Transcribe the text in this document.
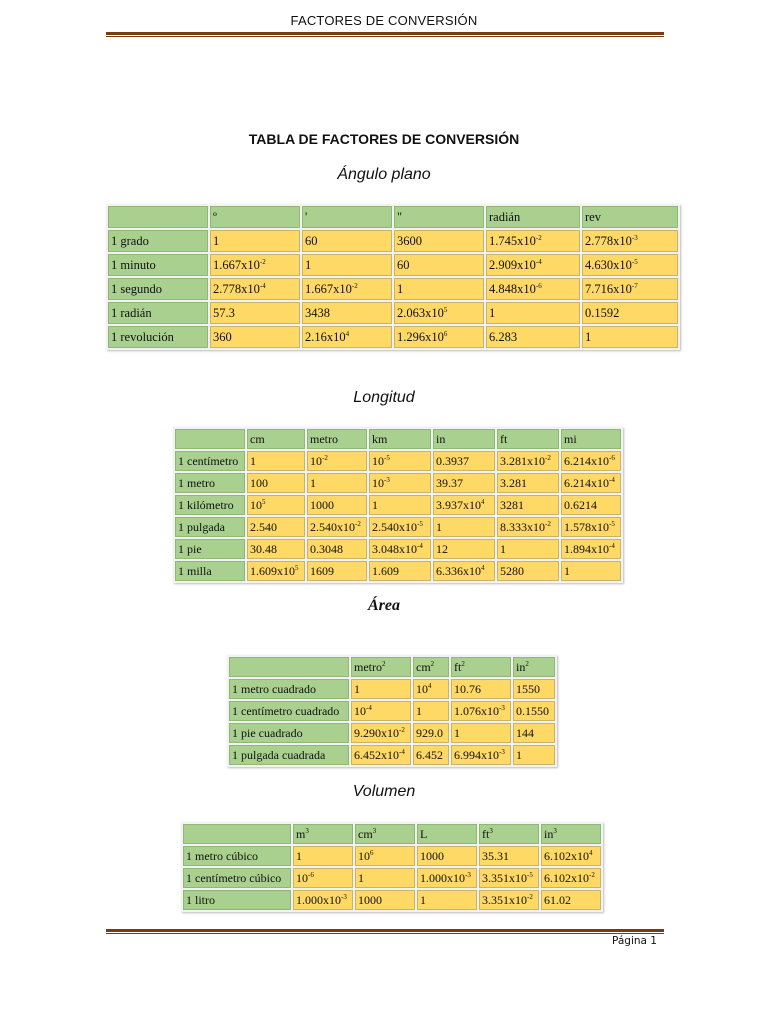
FACTORES DE CONVERSIÓN
TABLA DE FACTORES DE CONVERSIÓN
Ángulo plano
	º	'	"	radián	rev
1 grado	1	60	3600	$1.745x10^{-2}$	$2.778x10^{-3}$
1 minuto	$1.667x10^{-2}$	1	60	$2.909x10^{-4}$	$4.630x10^{-5}$
1 segundo	$2.778x10^{-4}$	$1.667x10^{-2}$	1	$4.848x10^{-6}$	$7.716x10^{-7}$
1 radián	57.3	3438	$2.063x10^5$	1	0.1592
1 revolución	360	$2.16x10^4$	$1.296x10^6$	6.283	1
Longitud
	cm	metro	km	in	ft	mi
1 centímetro	1	$10^{-2}$	$10^{-5}$	0.3937	$3.281x10^{-2}$	$6.214x10^{-6}$
1 metro	100	1	$10^{-3}$	39.37	3.281	$6.214x10^{-4}$
1 kilómetro	$10^5$	1000	1	$3.937x10^4$	3281	0.6214
1 pulgada	2.540	$2.540x10^{-2}$	$2.540x10^{-5}$	1	$8.333x10^{-2}$	$1.578x10^{-5}$
1 pie	30.48	0.3048	$3.048x10^{-4}$	12	1	$1.894x10^{-4}$
1 milla	$1.609x10^5$	1609	1.609	$6.336x10^4$	5280	1
Área
	metro$^2$	$cm^2$	$ft^2$	$in^2$
1 metro cuadrado	1	$10^4$	10.76	1550
1 centímetro cuadrado	$10^{-4}$	1	$1.076x10^{-3}$	0.1550
1 pie cuadrado	$9.290x10^{-2}$	929.0	1	144
1 pulgada cuadrada	$6.452x10^{-4}$	6.452	$6.994x10^{-3}$	1
Volumen
	$m^3$	$cm^3$	L	$ft^3$	$in^3$
1 metro cúbico	1	$10^6$	1000	35.31	$6.102x10^4$
1 centímetro cúbico	$10^{-6}$	1	$1.000x10^{-3}$	$3.351x10^{-5}$	$6.102x10^{-2}$
1 litro	$1.000x10^{-3}$	1000	1	$3.351x10^{-2}$	61.02
Página 1
